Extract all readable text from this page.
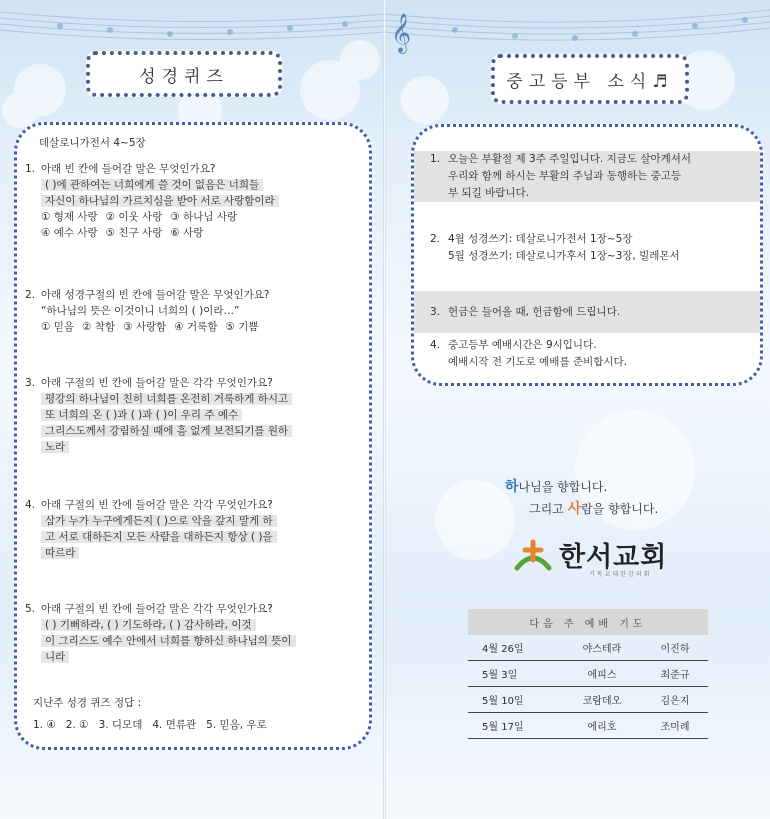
성경퀴즈
데살로니가전서 4~5장
1. 아래 빈 칸에 들어갈 말은 무엇인가요?
( )에 관하여는 너희에게 쓸 것이 없음은 너희들
자신이 하나님의 가르치심을 받아 서로 사랑함이라
① 형제 사랑 ② 이웃 사랑 ③ 하나님 사랑
④ 예수 사랑 ⑤ 친구 사랑 ⑥ 사랑
2. 아래 성경구절의 빈 칸에 들어갈 말은 무엇인가요?
“하나님의 뜻은 이것이니 너희의 ( )이라…”
① 믿음 ② 착함 ③ 사랑함 ④ 거룩함 ⑤ 기쁨
3. 아래 구절의 빈 칸에 들어갈 말은 각각 무엇인가요?
평강의 하나님이 친히 너희를 온전히 거룩하게 하시고
또 너희의 온 ( )과 ( )과 ( )이 우리 주 예수
그리스도께서 강림하실 때에 흠 없게 보전되기를 원하
노라
4. 아래 구절의 빈 칸에 들어갈 말은 각각 무엇인가요?
삼가 누가 누구에게든지 ( )으로 악을 갚지 말게 하
고 서로 대하든지 모든 사람을 대하든지 항상 ( )을
따르라
5. 아래 구절의 빈 칸에 들어갈 말은 각각 무엇인가요?
( ) 기뻐하라, ( ) 기도하라, ( ) 감사하라, 이것
이 그리스도 예수 안에서 너희를 향하신 하나님의 뜻이
니라
지난주 성경 퀴즈 정답 :
1. ④ 2. ① 3. 디모데 4. 면류관 5. 믿음, 우로
𝄞
중고등부 소식♬
1. 오늘은 부활절 제 3주 주일입니다. 지금도 살아계셔서
우리와 함께 하시는 부활의 주님과 동행하는 중고등
부 되길 바랍니다.
2. 4월 성경쓰기: 데살로니가전서 1장~5장
5월 성경쓰기: 데살로니가후서 1장~3장, 빌레몬서
3. 헌금은 들어올 때, 헌금함에 드립니다.
4. 중고등부 예배시간은 9시입니다.
예배시작 전 기도로 예배를 준비합시다.
하나님을 향합니다.
그리고 사람을 향합니다.
한서교회
기독교대한감리회
다음 주 예배 기도
4월 26일	야스테라	이진하
5월 3일	에피스	최준규
5월 10일	코람데오	김은지
5월 17일	에리호	조미례
